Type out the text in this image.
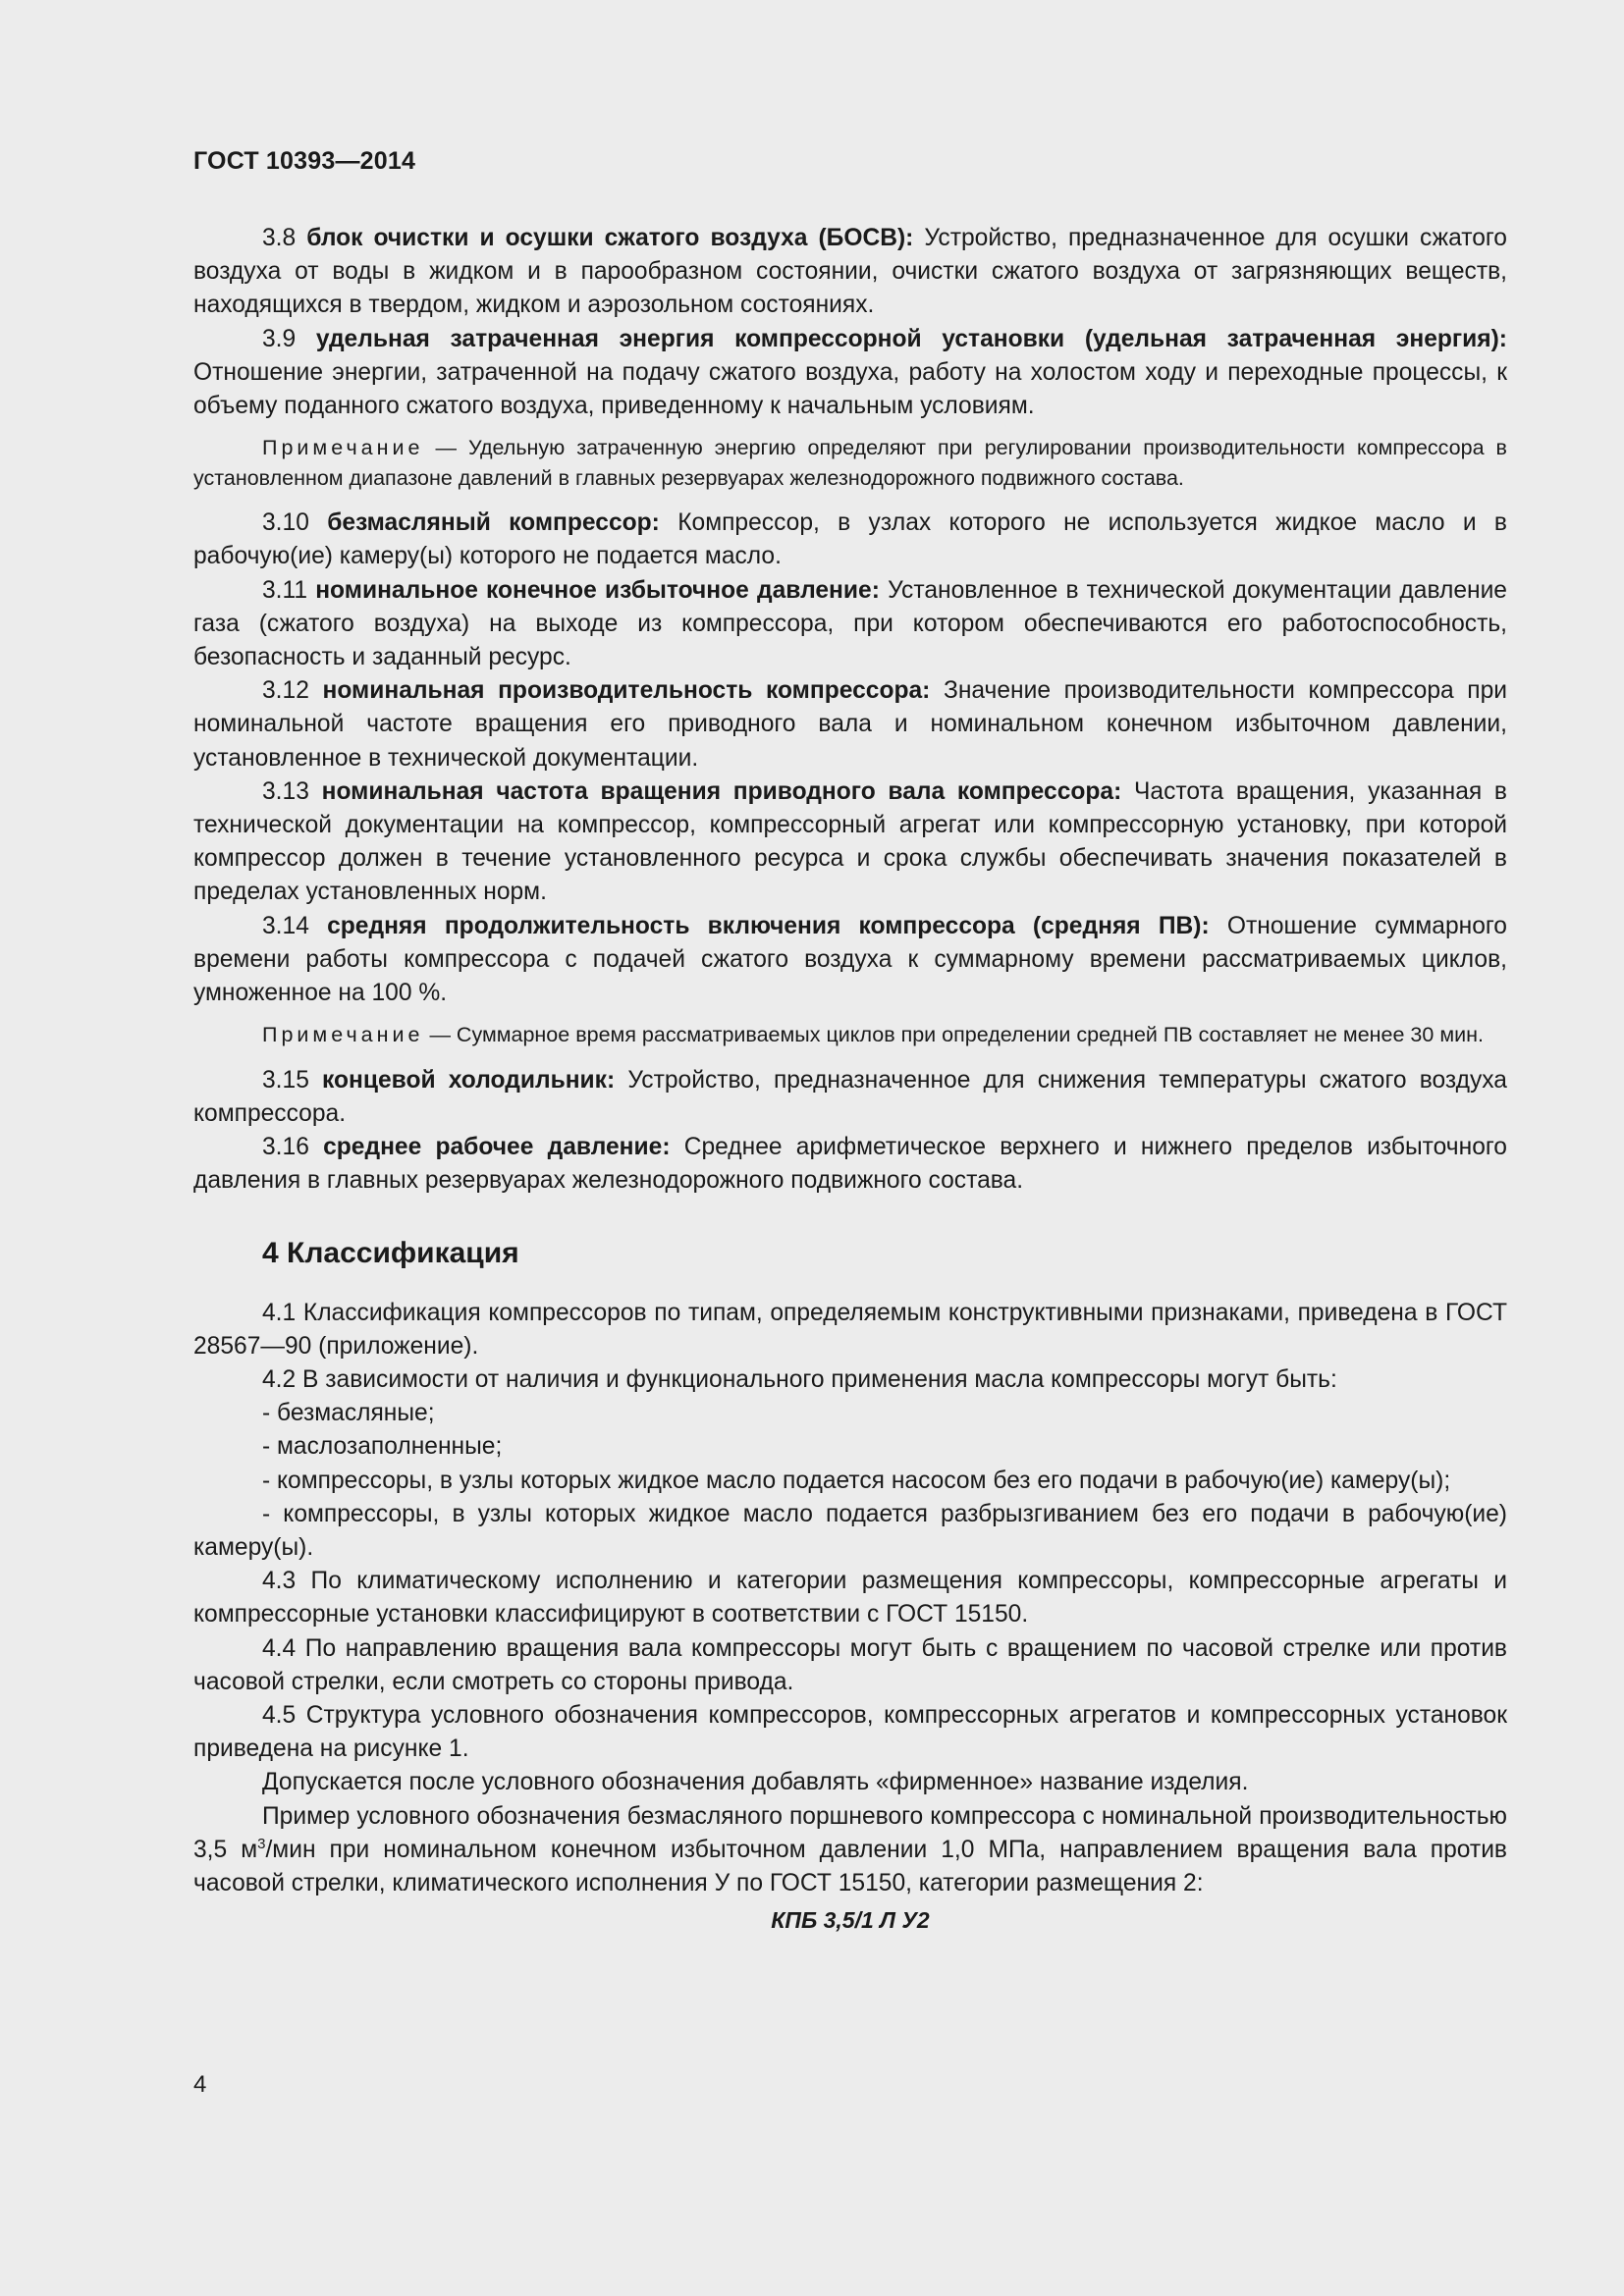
ГОСТ 10393—2014

3.8 блок очистки и осушки сжатого воздуха (БОСВ): Устройство, предназначенное для осушки сжатого воздуха от воды в жидком и в парообразном состоянии, очистки сжатого воздуха от загрязняющих веществ, находящихся в твердом, жидком и аэрозольном состояниях.

3.9 удельная затраченная энергия компрессорной установки (удельная затраченная энергия): Отношение энергии, затраченной на подачу сжатого воздуха, работу на холостом ходу и переходные процессы, к объему поданного сжатого воздуха, приведенному к начальным условиям.

Примечание — Удельную затраченную энергию определяют при регулировании производительности компрессора в установленном диапазоне давлений в главных резервуарах железнодорожного подвижного состава.

3.10 безмасляный компрессор: Компрессор, в узлах которого не используется жидкое масло и в рабочую(ие) камеру(ы) которого не подается масло.

3.11 номинальное конечное избыточное давление: Установленное в технической документации давление газа (сжатого воздуха) на выходе из компрессора, при котором обеспечиваются его работоспособность, безопасность и заданный ресурс.

3.12 номинальная производительность компрессора: Значение производительности компрессора при номинальной частоте вращения его приводного вала и номинальном конечном избыточном давлении, установленное в технической документации.

3.13 номинальная частота вращения приводного вала компрессора: Частота вращения, указанная в технической документации на компрессор, компрессорный агрегат или компрессорную установку, при которой компрессор должен в течение установленного ресурса и срока службы обеспечивать значения показателей в пределах установленных норм.

3.14 средняя продолжительность включения компрессора (средняя ПВ): Отношение суммарного времени работы компрессора с подачей сжатого воздуха к суммарному времени рассматриваемых циклов, умноженное на 100 %.

Примечание — Суммарное время рассматриваемых циклов при определении средней ПВ составляет не менее 30 мин.

3.15 концевой холодильник: Устройство, предназначенное для снижения температуры сжатого воздуха компрессора.

3.16 среднее рабочее давление: Среднее арифметическое верхнего и нижнего пределов избыточного давления в главных резервуарах железнодорожного подвижного состава.

4 Классификация

4.1 Классификация компрессоров по типам, определяемым конструктивными признаками, приведена в ГОСТ 28567—90 (приложение).

4.2 В зависимости от наличия и функционального применения масла компрессоры могут быть:

- безмасляные;

- маслозаполненные;

- компрессоры, в узлы которых жидкое масло подается насосом без его подачи в рабочую(ие) камеру(ы);

- компрессоры, в узлы которых жидкое масло подается разбрызгиванием без его подачи в рабочую(ие) камеру(ы).

4.3 По климатическому исполнению и категории размещения компрессоры, компрессорные агрегаты и компрессорные установки классифицируют в соответствии с ГОСТ 15150.

4.4 По направлению вращения вала компрессоры могут быть с вращением по часовой стрелке или против часовой стрелки, если смотреть со стороны привода.

4.5 Структура условного обозначения компрессоров, компрессорных агрегатов и компрессорных установок приведена на рисунке 1.

Допускается после условного обозначения добавлять «фирменное» название изделия.

Пример условного обозначения безмасляного поршневого компрессора с номинальной производительностью 3,5 $м^3$/мин при номинальном конечном избыточном давлении 1,0 МПа, направлением вращения вала против часовой стрелки, климатического исполнения У по ГОСТ 15150, категории размещения 2:

КПБ 3,5/1 Л У2

4
